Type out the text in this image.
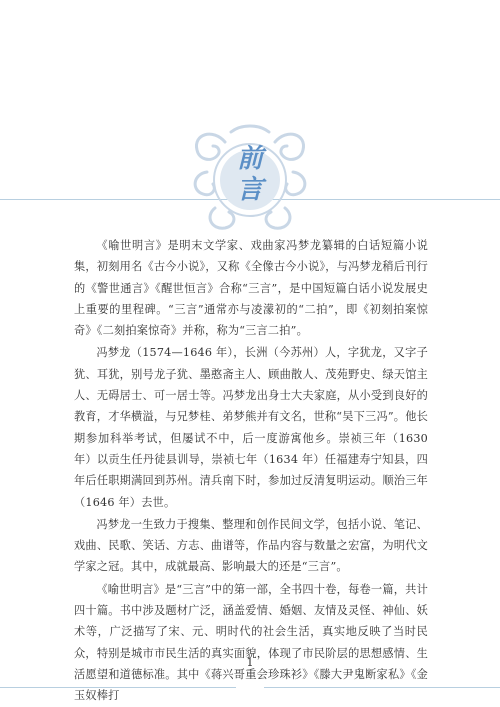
前言

《喻世明言》是明末文学家、戏曲家冯梦龙纂辑的白话短篇小说集，初刻用名《古今小说》，又称《全像古今小说》，与冯梦龙稍后刊行的《警世通言》《醒世恒言》合称“三言”，是中国短篇白话小说发展史上重要的里程碑。“三言”通常亦与凌濛初的“二拍”，即《初刻拍案惊奇》《二刻拍案惊奇》并称，称为“三言二拍”。

冯梦龙（1574—1646 年），长洲（今苏州）人，字犹龙，又字子犹、耳犹，别号龙子犹、墨憨斋主人、顾曲散人、茂苑野史、绿天馆主人、无碍居士、可一居士等。冯梦龙出身士大夫家庭，从小受到良好的教育，才华横溢，与兄梦桂、弟梦熊并有文名，世称“吴下三冯”。他长期参加科举考试，但屡试不中，后一度游寓他乡。崇祯三年（1630 年）以贡生任丹徒县训导，崇祯七年（1634 年）任福建寿宁知县，四年后任职期满回到苏州。清兵南下时，参加过反清复明运动。顺治三年（1646 年）去世。

冯梦龙一生致力于搜集、整理和创作民间文学，包括小说、笔记、戏曲、民歌、笑话、方志、曲谱等，作品内容与数量之宏富，为明代文学家之冠。其中，成就最高、影响最大的还是“三言”。

《喻世明言》是“三言”中的第一部，全书四十卷，每卷一篇，共计四十篇。书中涉及题材广泛，涵盖爱情、婚姻、友情及灵怪、神仙、妖术等，广泛描写了宋、元、明时代的社会生活，真实地反映了当时民众，特别是城市市民生活的真实面貌，体现了市民阶层的思想感情、生活愿望和道德标准。其中《蒋兴哥重会珍珠衫》《滕大尹鬼断家私》《金玉奴棒打

1
